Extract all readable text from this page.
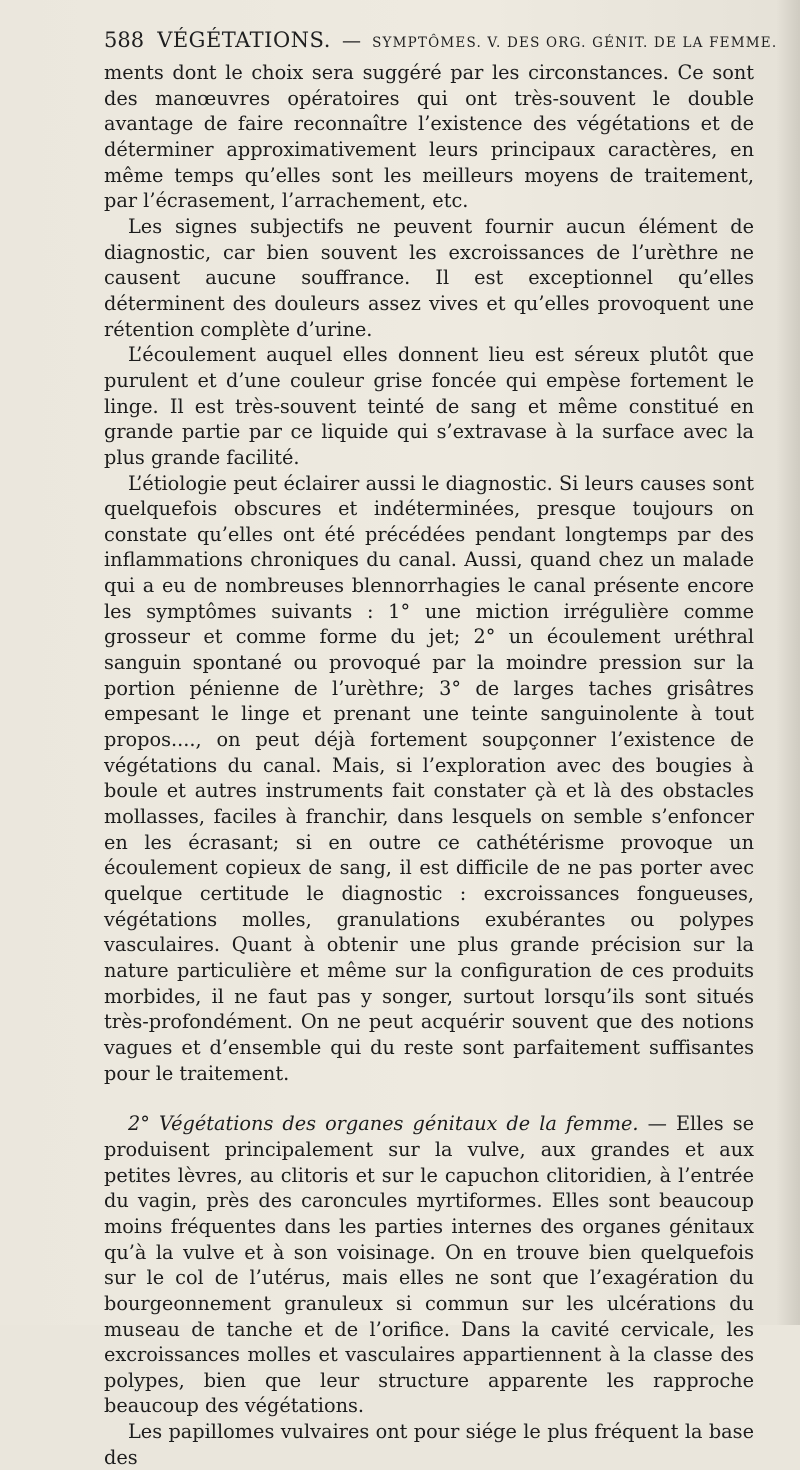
588 VÉGÉTATIONS. — SYMPTÔMES. V. DES ORG. GÉNIT. DE LA FEMME.

ments dont le choix sera suggéré par les circonstances. Ce sont des manœuvres opératoires qui ont très-souvent le double avantage de faire reconnaître l’existence des végétations et de déterminer approximativement leurs principaux caractères, en même temps qu’elles sont les meilleurs moyens de traitement, par l’écrasement, l’arrachement, etc.

Les signes subjectifs ne peuvent fournir aucun élément de diagnostic, car bien souvent les excroissances de l’urèthre ne causent aucune souffrance. Il est exceptionnel qu’elles déterminent des douleurs assez vives et qu’elles provoquent une rétention complète d’urine.

L’écoulement auquel elles donnent lieu est séreux plutôt que purulent et d’une couleur grise foncée qui empèse fortement le linge. Il est très-souvent teinté de sang et même constitué en grande partie par ce liquide qui s’extravase à la surface avec la plus grande facilité.

L’étiologie peut éclairer aussi le diagnostic. Si leurs causes sont quelquefois obscures et indéterminées, presque toujours on constate qu’elles ont été précédées pendant longtemps par des inflammations chroniques du canal. Aussi, quand chez un malade qui a eu de nombreuses blennorrhagies le canal présente encore les symptômes suivants : 1° une miction irrégulière comme grosseur et comme forme du jet; 2° un écoulement uréthral sanguin spontané ou provoqué par la moindre pression sur la portion pénienne de l’urèthre; 3° de larges taches grisâtres empesant le linge et prenant une teinte sanguinolente à tout propos...., on peut déjà fortement soupçonner l’existence de végétations du canal. Mais, si l’exploration avec des bougies à boule et autres instruments fait constater çà et là des obstacles mollasses, faciles à franchir, dans lesquels on semble s’enfoncer en les écrasant; si en outre ce cathétérisme provoque un écoulement copieux de sang, il est difficile de ne pas porter avec quelque certitude le diagnostic : excroissances fongueuses, végétations molles, granulations exubérantes ou polypes vasculaires. Quant à obtenir une plus grande précision sur la nature particulière et même sur la configuration de ces produits morbides, il ne faut pas y songer, surtout lorsqu’ils sont situés très-profondément. On ne peut acquérir souvent que des notions vagues et d’ensemble qui du reste sont parfaitement suffisantes pour le traitement.

2° Végétations des organes génitaux de la femme. — Elles se produisent principalement sur la vulve, aux grandes et aux petites lèvres, au clitoris et sur le capuchon clitoridien, à l’entrée du vagin, près des caroncules myrtiformes. Elles sont beaucoup moins fréquentes dans les parties internes des organes génitaux qu’à la vulve et à son voisinage. On en trouve bien quelquefois sur le col de l’utérus, mais elles ne sont que l’exagération du bourgeonnement granuleux si commun sur les ulcérations du museau de tanche et de l’orifice. Dans la cavité cervicale, les excroissances molles et vasculaires appartiennent à la classe des polypes, bien que leur structure apparente les rapproche beaucoup des végétations.

Les papillomes vulvaires ont pour siége le plus fréquent la base des
